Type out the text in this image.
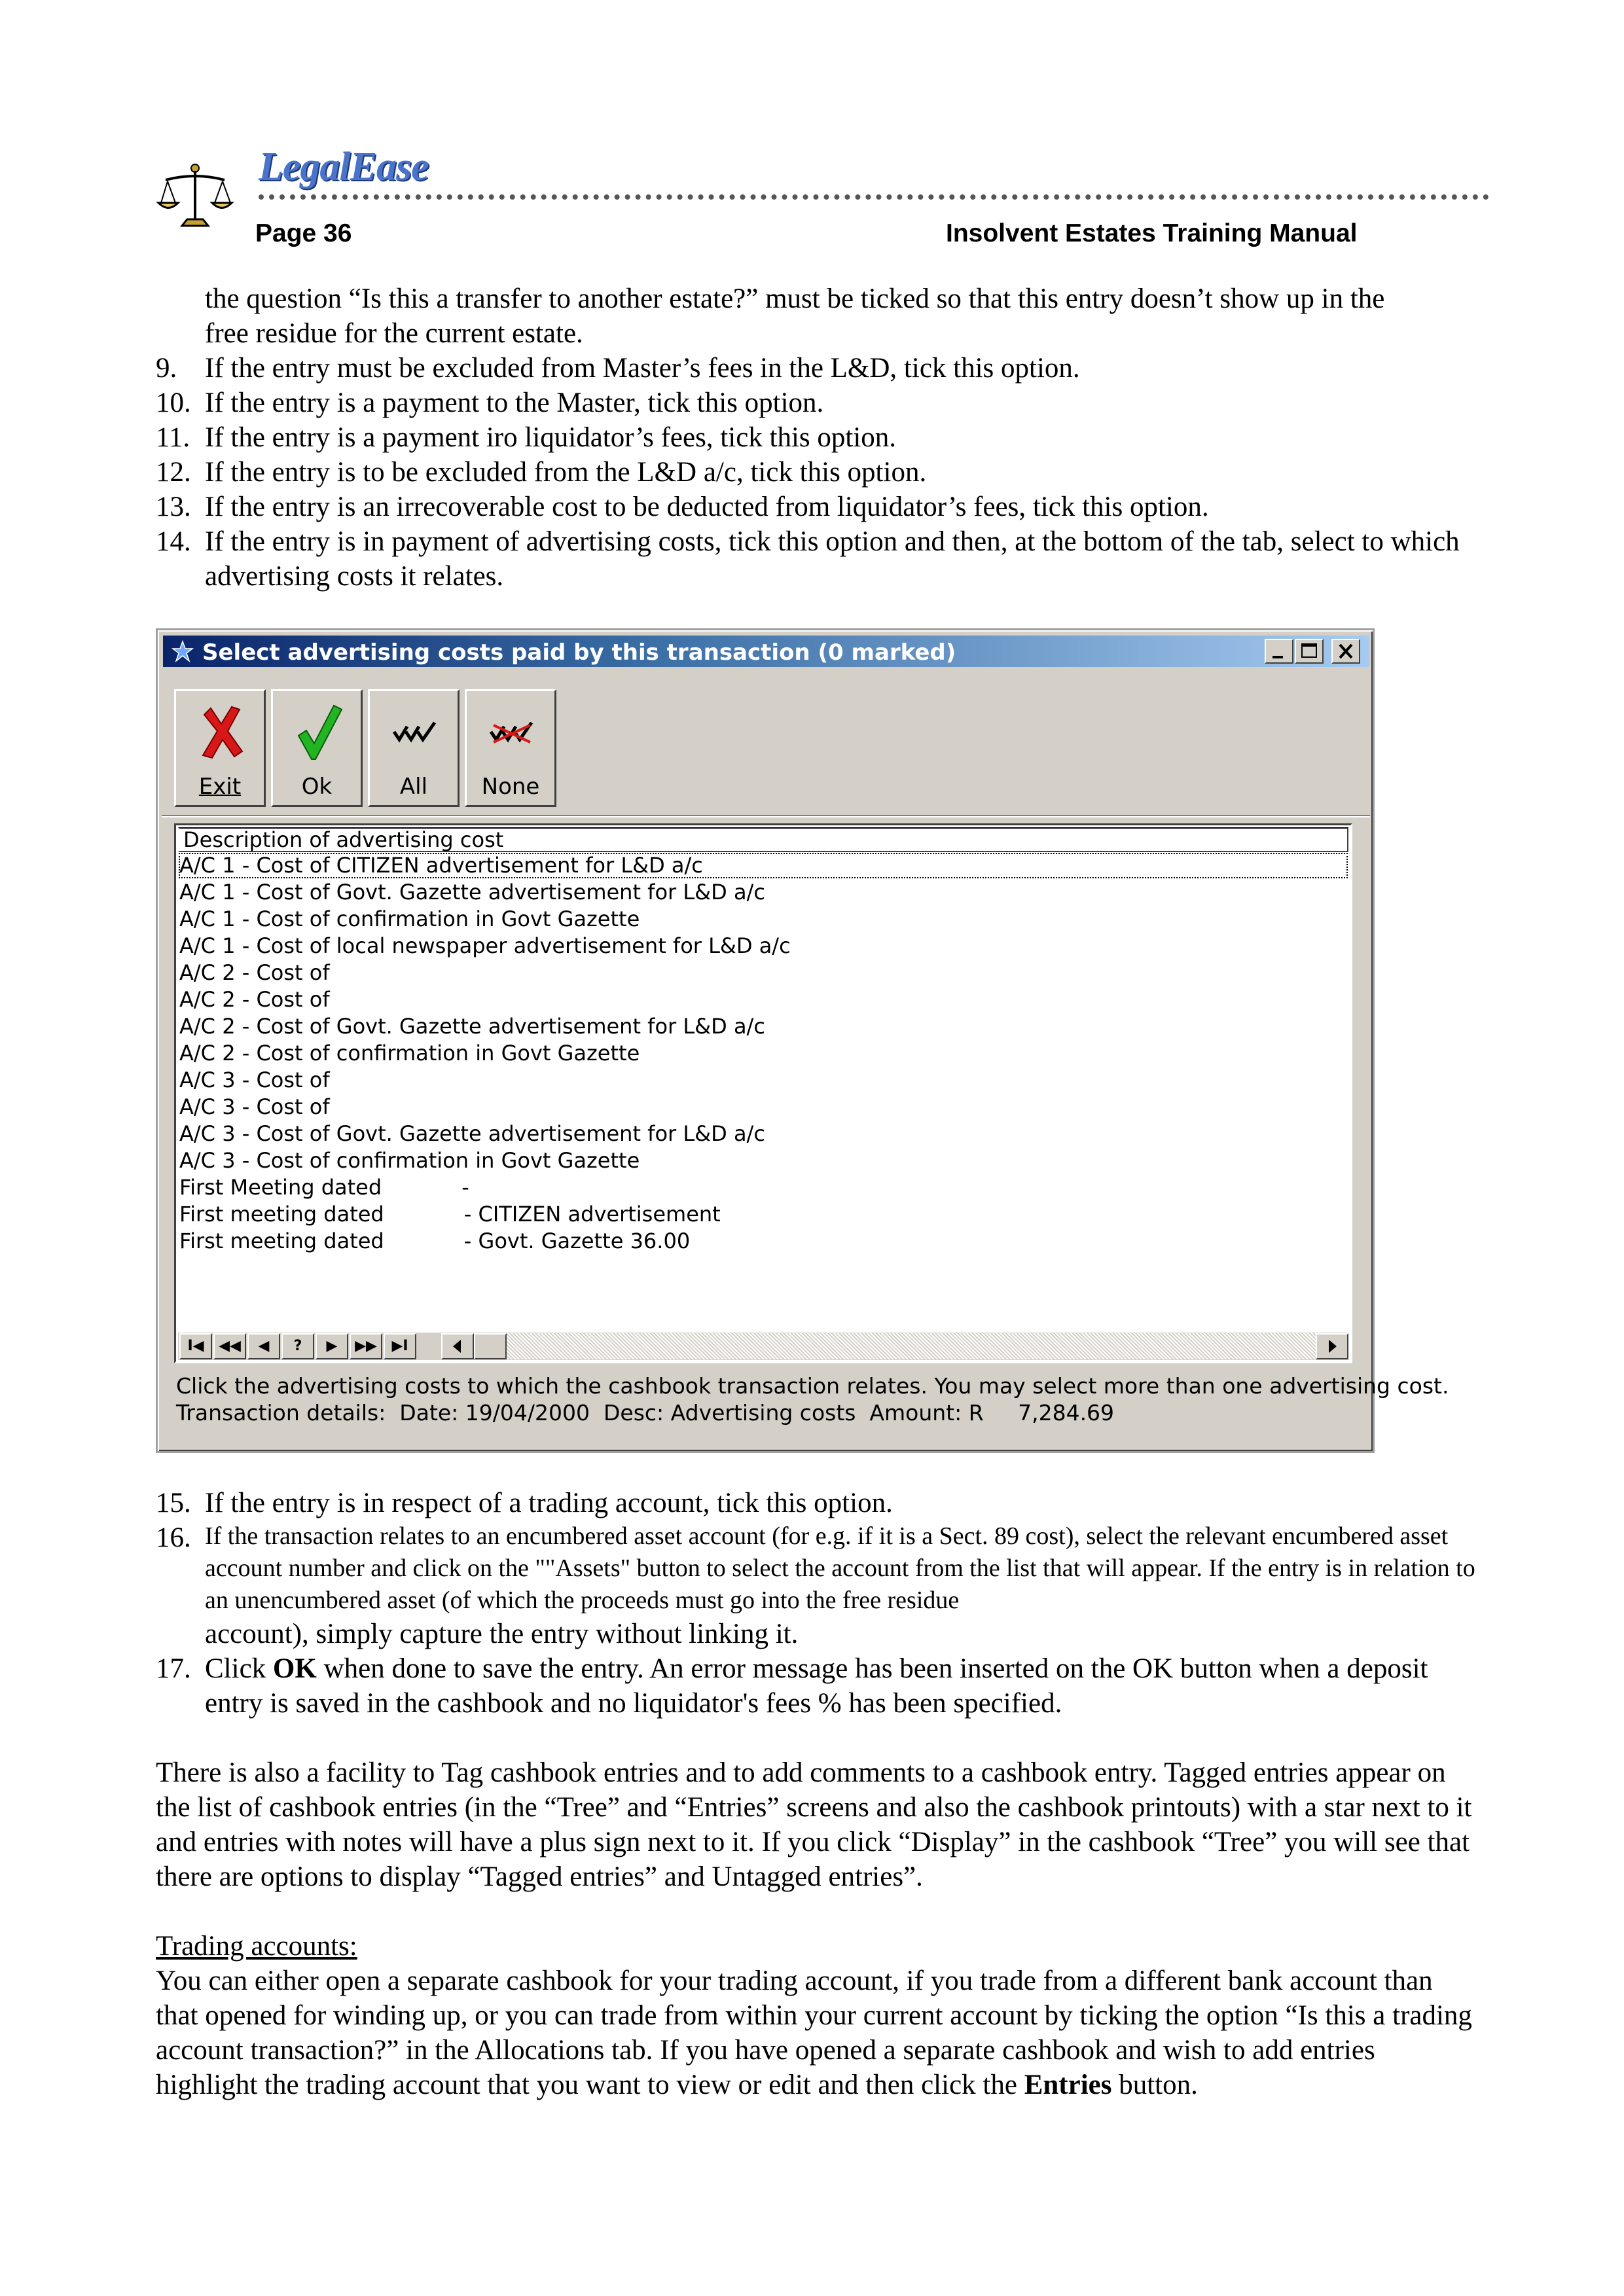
LegalEase
Page 36	Insolvent Estates Training Manual
the question “Is this a transfer to another estate?” must be ticked so that this entry doesn’t show up in the
free residue for the current estate.
9. If the entry must be excluded from Master’s fees in the L&D, tick this option.
10. If the entry is a payment to the Master, tick this option.
11. If the entry is a payment iro liquidator’s fees, tick this option.
12. If the entry is to be excluded from the L&D a/c, tick this option.
13. If the entry is an irrecoverable cost to be deducted from liquidator’s fees, tick this option.
14. If the entry is in payment of advertising costs, tick this option and then, at the bottom of the tab, select to which advertising costs it relates.
Select advertising costs paid by this transaction (0 marked)
Exit	Ok	All	None
Description of advertising cost
A/C 1 - Cost of CITIZEN advertisement for L&D a/c
A/C 1 - Cost of Govt. Gazette advertisement for L&D a/c
A/C 1 - Cost of confirmation in Govt Gazette
A/C 1 - Cost of local newspaper advertisement for L&D a/c
A/C 2 - Cost of
A/C 2 - Cost of
A/C 2 - Cost of Govt. Gazette advertisement for L&D a/c
A/C 2 - Cost of confirmation in Govt Gazette
A/C 3 - Cost of
A/C 3 - Cost of
A/C 3 - Cost of Govt. Gazette advertisement for L&D a/c
A/C 3 - Cost of confirmation in Govt Gazette
First Meeting dated            -
First meeting dated            - CITIZEN advertisement
First meeting dated            - Govt. Gazette 36.00
I◀	◀◀	◀	?	▶	▶▶	▶I
Click the advertising costs to which the cashbook transaction relates. You may select more than one advertising cost.
Transaction details:  Date: 19/04/2000  Desc: Advertising costs  Amount: R     7,284.69
15. If the entry is in respect of a trading account, tick this option.
16. If the transaction relates to an encumbered asset account (for e.g. if it is a Sect. 89 cost), select the relevant encumbered asset account number and click on the ""Assets" button to select the account from the list that will appear. If the entry is in relation to an unencumbered asset (of which the proceeds must go into the free residue
account), simply capture the entry without linking it.
17. Click OK when done to save the entry. An error message has been inserted on the OK button when a deposit entry is saved in the cashbook and no liquidator's fees % has been specified.
There is also a facility to Tag cashbook entries and to add comments to a cashbook entry. Tagged entries appear on the list of cashbook entries (in the “Tree” and “Entries” screens and also the cashbook printouts) with a star next to it and entries with notes will have a plus sign next to it. If you click “Display” in the cashbook “Tree” you will see that there are options to display “Tagged entries” and Untagged entries”.
Trading accounts:
You can either open a separate cashbook for your trading account, if you trade from a different bank account than that opened for winding up, or you can trade from within your current account by ticking the option “Is this a trading account transaction?” in the Allocations tab. If you have opened a separate cashbook and wish to add entries highlight the trading account that you want to view or edit and then click the Entries button.
